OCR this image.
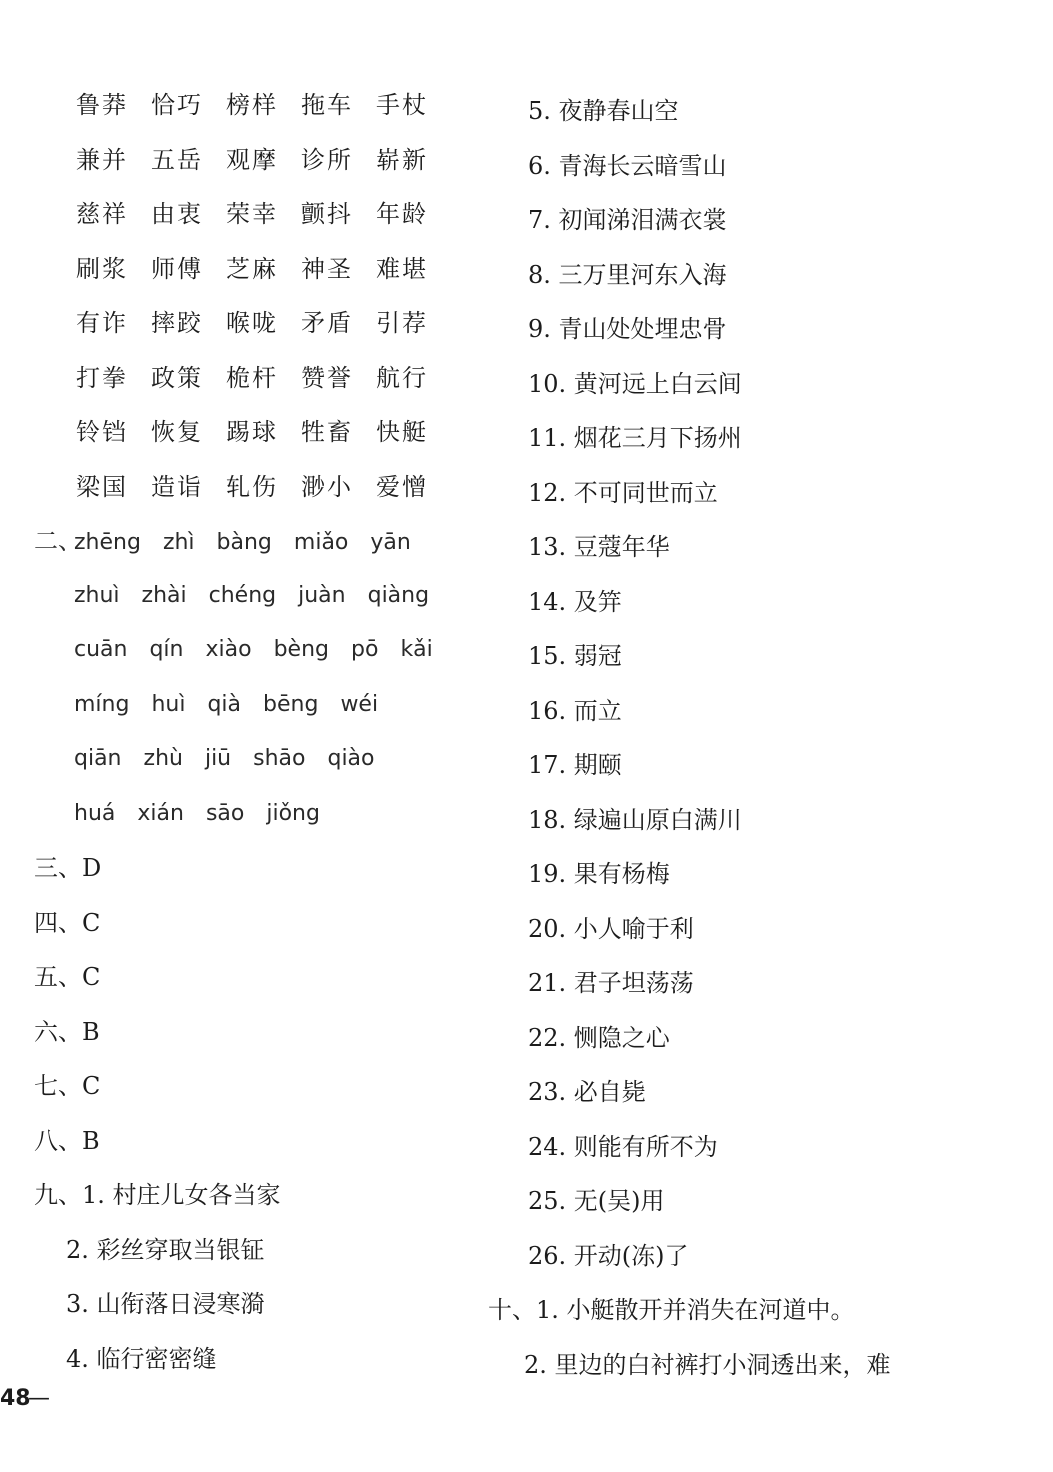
鲁莽 恰巧 榜样 拖车 手杖
兼并 五岳 观摩 诊所 崭新
慈祥 由衷 荣幸 颤抖 年龄
刷浆 师傅 芝麻 神圣 难堪
有诈 摔跤 喉咙 矛盾 引荐
打拳 政策 桅杆 赞誉 航行
铃铛 恢复 踢球 牲畜 快艇
梁国 造诣 轧伤 渺小 爱憎
二、zhēng zhì bàng miǎo yān
zhuì zhài chéng juàn qiàng
cuān qín xiào bèng pō kǎi
míng huì qià bēng wéi
qiān zhù jiū shāo qiào
huá xián sāo jiǒng
三、D
四、C
五、C
六、B
七、C
八、B
九、1. 村庄儿女各当家
2. 彩丝穿取当银钲
3. 山衔落日浸寒漪
4. 临行密密缝
5. 夜静春山空
6. 青海长云暗雪山
7. 初闻涕泪满衣裳
8. 三万里河东入海
9. 青山处处埋忠骨
10. 黄河远上白云间
11. 烟花三月下扬州
12. 不可同世而立
13. 豆蔻年华
14. 及笄
15. 弱冠
16. 而立
17. 期颐
18. 绿遍山原白满川
19. 果有杨梅
20. 小人喻于利
21. 君子坦荡荡
22. 恻隐之心
23. 必自毙
24. 则能有所不为
25. 无(吴)用
26. 开动(冻)了
十、1. 小艇散开并消失在河道中。
2. 里边的白衬裤打小洞透出来，难
48
—
